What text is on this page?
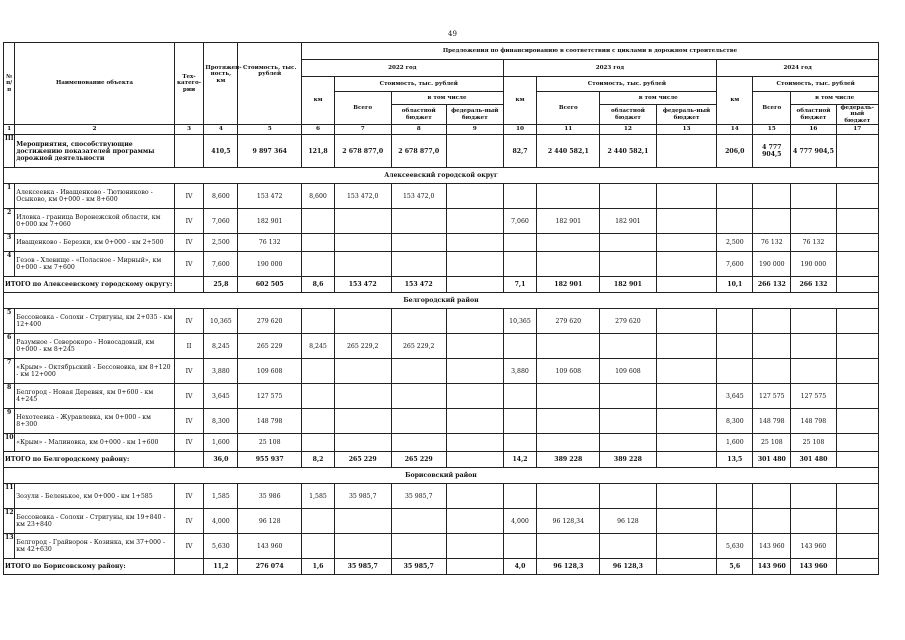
49
№ п/п	Наименование объекта	Тех-катего-рии	Протяжен-ность, км	Стоимость, тыс. рублей	Предложения по финансированию в соответствии с циклами в дорожном строительстве											
					2022 год				2023 год				2024 год			
					км	Стоимость, тыс. рублей			км	Стоимость, тыс. рублей			км	Стоимость, тыс. рублей		
						Всего	в том числе			Всего	в том числе			Всего	в том числе	
							областной бюджет	федераль-ный бюджет			областной бюджет	федераль-ный бюджет			областной бюджет	федераль-ный бюджет
1	2	3	4	5	6	7	8	9	10	11	12	13	14	15	16	17
III	Мероприятия, способствующие достижению показателей программы дорожной деятельности		410,5	9 897 364	121,8	2 678 877,0	2 678 877,0		82,7	2 440 582,1	2 440 582,1		206,0	4 777 904,5	4 777 904,5	
Алексеевский городской округ																
1	Алексеевка - Иващенково - Тютюниково - Осыково, км 0+000 - км 8+600	IV	8,600	153 472	8,600	153 472,0	153 472,0									
2	Иловка - граница Воронежской области, км 0+000 км 7+060	IV	7,060	182 901					7,060	182 901	182 901					
3	Иващенково - Березки, км 0+000 - км 2+500	IV	2,500	76 132									2,500	76 132	76 132	
4	Гезов - Хлевище - «Поласное - Мирный», км 0+000 - км 7+600	IV	7,600	190 000									7,600	190 000	190 000	
ИТОГО по Алексеевскому городскому округу:			25,8	602 505	8,6	153 472	153 472		7,1	182 901	182 901		10,1	266 132	266 132	
Белгородский район																
5	Бессоновка - Солохи - Стригуны, км 2+035 - км 12+400	IV	10,365	279 620					10,365	279 620	279 620					
6	Разумное - Северокоро - Новосадовый, км 0+000 - км 8+245	II	8,245	265 229	8,245	265 229,2	265 229,2									
7	«Крым» - Октябрьский - Бессоновка, км 8+120 - км 12+000	IV	3,880	109 608					3,880	109 608	109 608					
8	Белгород - Новая Деревня, км 0+600 - км 4+245	IV	3,645	127 575									3,645	127 575	127 575	
9	Нехотеевка - Журавлевка, км 0+000 - км 8+300	IV	8,300	148 798									8,300	148 798	148 798	
10	«Крым» - Малиновка, км 0+000 - км 1+600	IV	1,600	25 108									1,600	25 108	25 108	
ИТОГО по Белгородскому району:			36,0	955 937	8,2	265 229	265 229		14,2	389 228	389 228		13,5	301 480	301 480	
Борисовский район																
11	Зозули - Беленькое, км 0+000 - км 1+585	IV	1,585	35 986	1,585	35 985,7	35 985,7									
12	Бессоновка - Солохи - Стригуны, км 19+840 - км 23+840	IV	4,000	96 128					4,000	96 128,34	96 128					
13	Белгород - Грайворон - Козинка, км 37+000 - км 42+630	IV	5,630	143 960									5,630	143 960	143 960	
ИТОГО по Борисовскому району:			11,2	276 074	1,6	35 985,7	35 985,7		4,0	96 128,3	96 128,3		5,6	143 960	143 960	
